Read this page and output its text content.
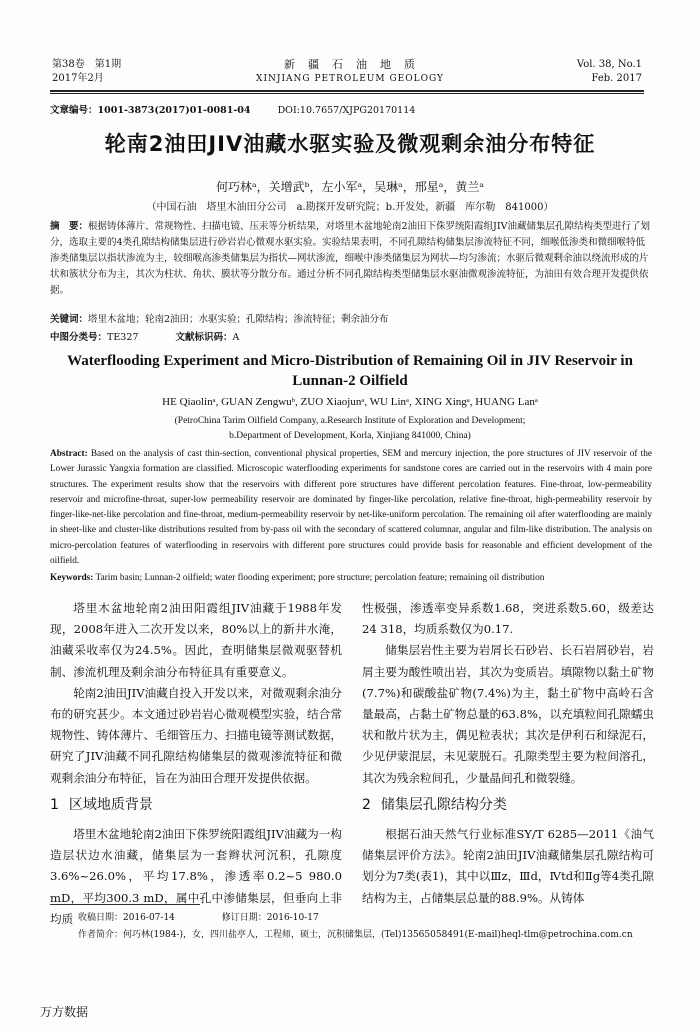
第38卷　第1期
2017年2月
新　疆　石　油　地　质
XINJIANG PETROLEUM GEOLOGY
Vol. 38, No.1
Feb. 2017
文章编号：1001-3873(2017)01-0081-04	DOI:10.7657/XJPG20170114
轮南2油田JIV油藏水驱实验及微观剩余油分布特征
何巧林ᵃ，关增武ᵇ，左小军ᵃ，吴琳ᵃ，邢星ᵃ，黄兰ᵃ
（中国石油　塔里木油田分公司　a.勘探开发研究院；b.开发处，新疆　库尔勒　841000）
摘　要：根据铸体薄片、常规物性、扫描电镜、压汞等分析结果，对塔里木盆地轮南2油田下侏罗统阳霞组JIV油藏储集层孔隙结构类型进行了划分，选取主要的4类孔隙结构储集层进行砂岩岩心微观水驱实验。实验结果表明，不同孔隙结构储集层渗流特征不同，细喉低渗类和微细喉特低渗类储集层以指状渗流为主，较细喉高渗类储集层为指状—网状渗流，细喉中渗类储集层为网状—均匀渗流；水驱后微观剩余油以绕流形成的片状和簇状分布为主，其次为柱状、角状、膜状等分散分布。通过分析不同孔隙结构类型储集层水驱油微观渗流特征，为油田有效合理开发提供依据。
关键词：塔里木盆地；轮南2油田；水驱实验；孔隙结构；渗流特征；剩余油分布
中图分类号：TE327	文献标识码：A
Waterflooding Experiment and Micro-Distribution of Remaining Oil in JIV Reservoir in Lunnan-2 Oilfield
HE Qiaolinᵃ, GUAN Zengwuᵇ, ZUO Xiaojunᵃ, WU Linᵃ, XING Xingᵃ, HUANG Lanᵃ
(PetroChina Tarim Oilfield Company, a.Research Institute of Exploration and Development;
b.Department of Development, Korla, Xinjiang 841000, China)
Abstract: Based on the analysis of cast thin-section, conventional physical properties, SEM and mercury injection, the pore structures of JIV reservoir of the Lower Jurassic Yangxia formation are classified. Microscopic waterflooding experiments for sandstone cores are carried out in the reservoirs with 4 main pore structures. The experiment results show that the reservoirs with different pore structures have different percolation features. Fine-throat, low-permeability reservoir and microfine-throat, super-low permeability reservoir are dominated by finger-like percolation, relative fine-throat, high-permeability reservoir by finger-like-net-like percolation and fine-throat, medium-permeability reservoir by net-like-uniform percolation. The remaining oil after waterflooding are mainly in sheet-like and cluster-like distributions resulted from by-pass oil with the secondary of scattered columnar, angular and film-like distribution. The analysis on micro-percolation features of waterflooding in reservoirs with different pore structures could provide basis for reasonable and efficient development of the oilfield.
Keywords: Tarim basin; Lunnan-2 oilfield; water flooding experiment; pore structure; percolation feature; remaining oil distribution

塔里木盆地轮南2油田阳霞组JIV油藏于1988年发现，2008年进入二次开发以来，80%以上的新井水淹，油藏采收率仅为24.5%。因此，查明储集层微观驱替机制、渗流机理及剩余油分布特征具有重要意义。

轮南2油田JIV油藏自投入开发以来，对微观剩余油分布的研究甚少。本文通过砂岩岩心微观模型实验，结合常规物性、铸体薄片、毛细管压力、扫描电镜等测试数据，研究了JIV油藏不同孔隙结构储集层的微观渗流特征和微观剩余油分布特征，旨在为油田合理开发提供依据。

1 区域地质背景

塔里木盆地轮南2油田下侏罗统阳霞组JIV油藏为一构造层状边水油藏，储集层为一套辫状河沉积，孔隙度3.6%~26.0%，平均17.8%，渗透率0.2~5 980.0 mD，平均300.3 mD，属中孔中渗储集层，但垂向上非均质

性极强，渗透率变异系数1.68，突进系数5.60，级差达24 318，均质系数仅为0.17.

储集层岩性主要为岩屑长石砂岩、长石岩屑砂岩，岩屑主要为酸性喷出岩，其次为变质岩。填隙物以黏土矿物(7.7%)和碳酸盐矿物(7.4%)为主，黏土矿物中高岭石含量最高，占黏土矿物总量的63.8%，以充填粒间孔隙蠕虫状和散片状为主，偶见粒表状；其次是伊利石和绿泥石，少见伊蒙混层，未见蒙脱石。孔隙类型主要为粒间溶孔，其次为残余粒间孔，少量晶间孔和微裂缝。

2 储集层孔隙结构分类

根据石油天然气行业标准SY/T 6285—2011《油气储集层评价方法》。轮南2油田JIV油藏储集层孔隙结构可划分为7类(表1)，其中以Ⅲz，Ⅲd，Ⅳtd和Ⅱg等4类孔隙结构为主，占储集层总量的88.9%。从铸体

收稿日期：2016-07-14	修订日期：2016-10-17
作者简介：何巧林(1984-)，女，四川盐亭人，工程师，硕士，沉积储集层，(Tel)13565058491(E-mail)heql-tlm@petrochina.com.cn
万方数据
